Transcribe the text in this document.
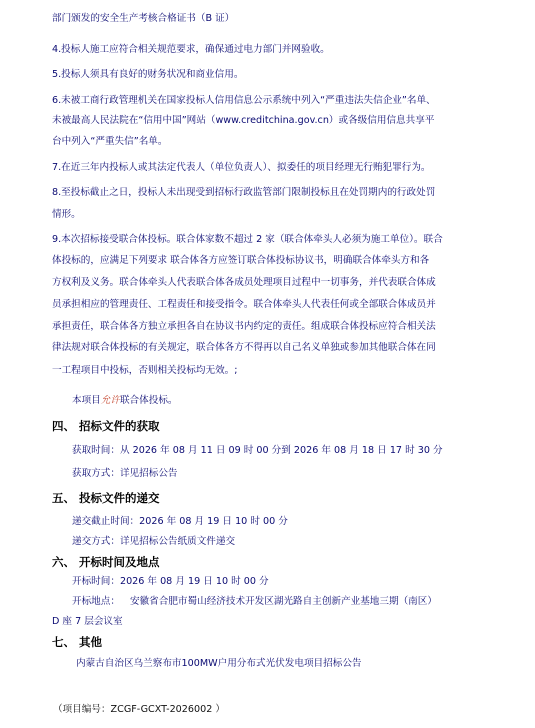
部门颁发的安全生产考核合格证书（B 证）
4.投标人施工应符合相关规范要求，确保通过电力部门并网验收。
5.投标人须具有良好的财务状况和商业信用。
6.未被工商行政管理机关在国家投标人信用信息公示系统中列入“严重违法失信企业”名单、
未被最高人民法院在“信用中国”网站（www.creditchina.gov.cn）或各级信用信息共享平
台中列入“严重失信”名单。
7.在近三年内投标人或其法定代表人（单位负责人）、拟委任的项目经理无行贿犯罪行为。
8.至投标截止之日，投标人未出现受到招标行政监管部门限制投标且在处罚期内的行政处罚
情形。
9.本次招标接受联合体投标。联合体家数不超过 2 家（联合体牵头人必须为施工单位）。联合
体投标的，应满足下列要求 联合体各方应签订联合体投标协议书，明确联合体牵头方和各
方权利及义务。联合体牵头人代表联合体各成员处理项目过程中一切事务，并代表联合体成
员承担相应的管理责任、工程责任和接受指令。联合体牵头人代表任何或全部联合体成员并
承担责任，联合体各方独立承担各自在协议书内约定的责任。组成联合体投标应符合相关法
律法规对联合体投标的有关规定，联合体各方不得再以自己名义单独或参加其他联合体在同
一工程项目中投标，否则相关投标均无效。;
本项目允许联合体投标。
四、 招标文件的获取
获取时间：从 2026 年 08 月 11 日 09 时 00 分到 2026 年 08 月 18 日 17 时 30 分
获取方式：详见招标公告
五、 投标文件的递交
递交截止时间：2026 年 08 月 19 日 10 时 00 分
递交方式：详见招标公告纸质文件递交
六、 开标时间及地点
开标时间：2026 年 08 月 19 日 10 时 00 分
开标地点： 安徽省合肥市蜀山经济技术开发区湖光路自主创新产业基地三期（南区）
D 座 7 层会议室
七、 其他
内蒙古自治区乌兰察布市100MW户用分布式光伏发电项目招标公告
（项目编号：ZCGF-GCXT-2026002 ）
